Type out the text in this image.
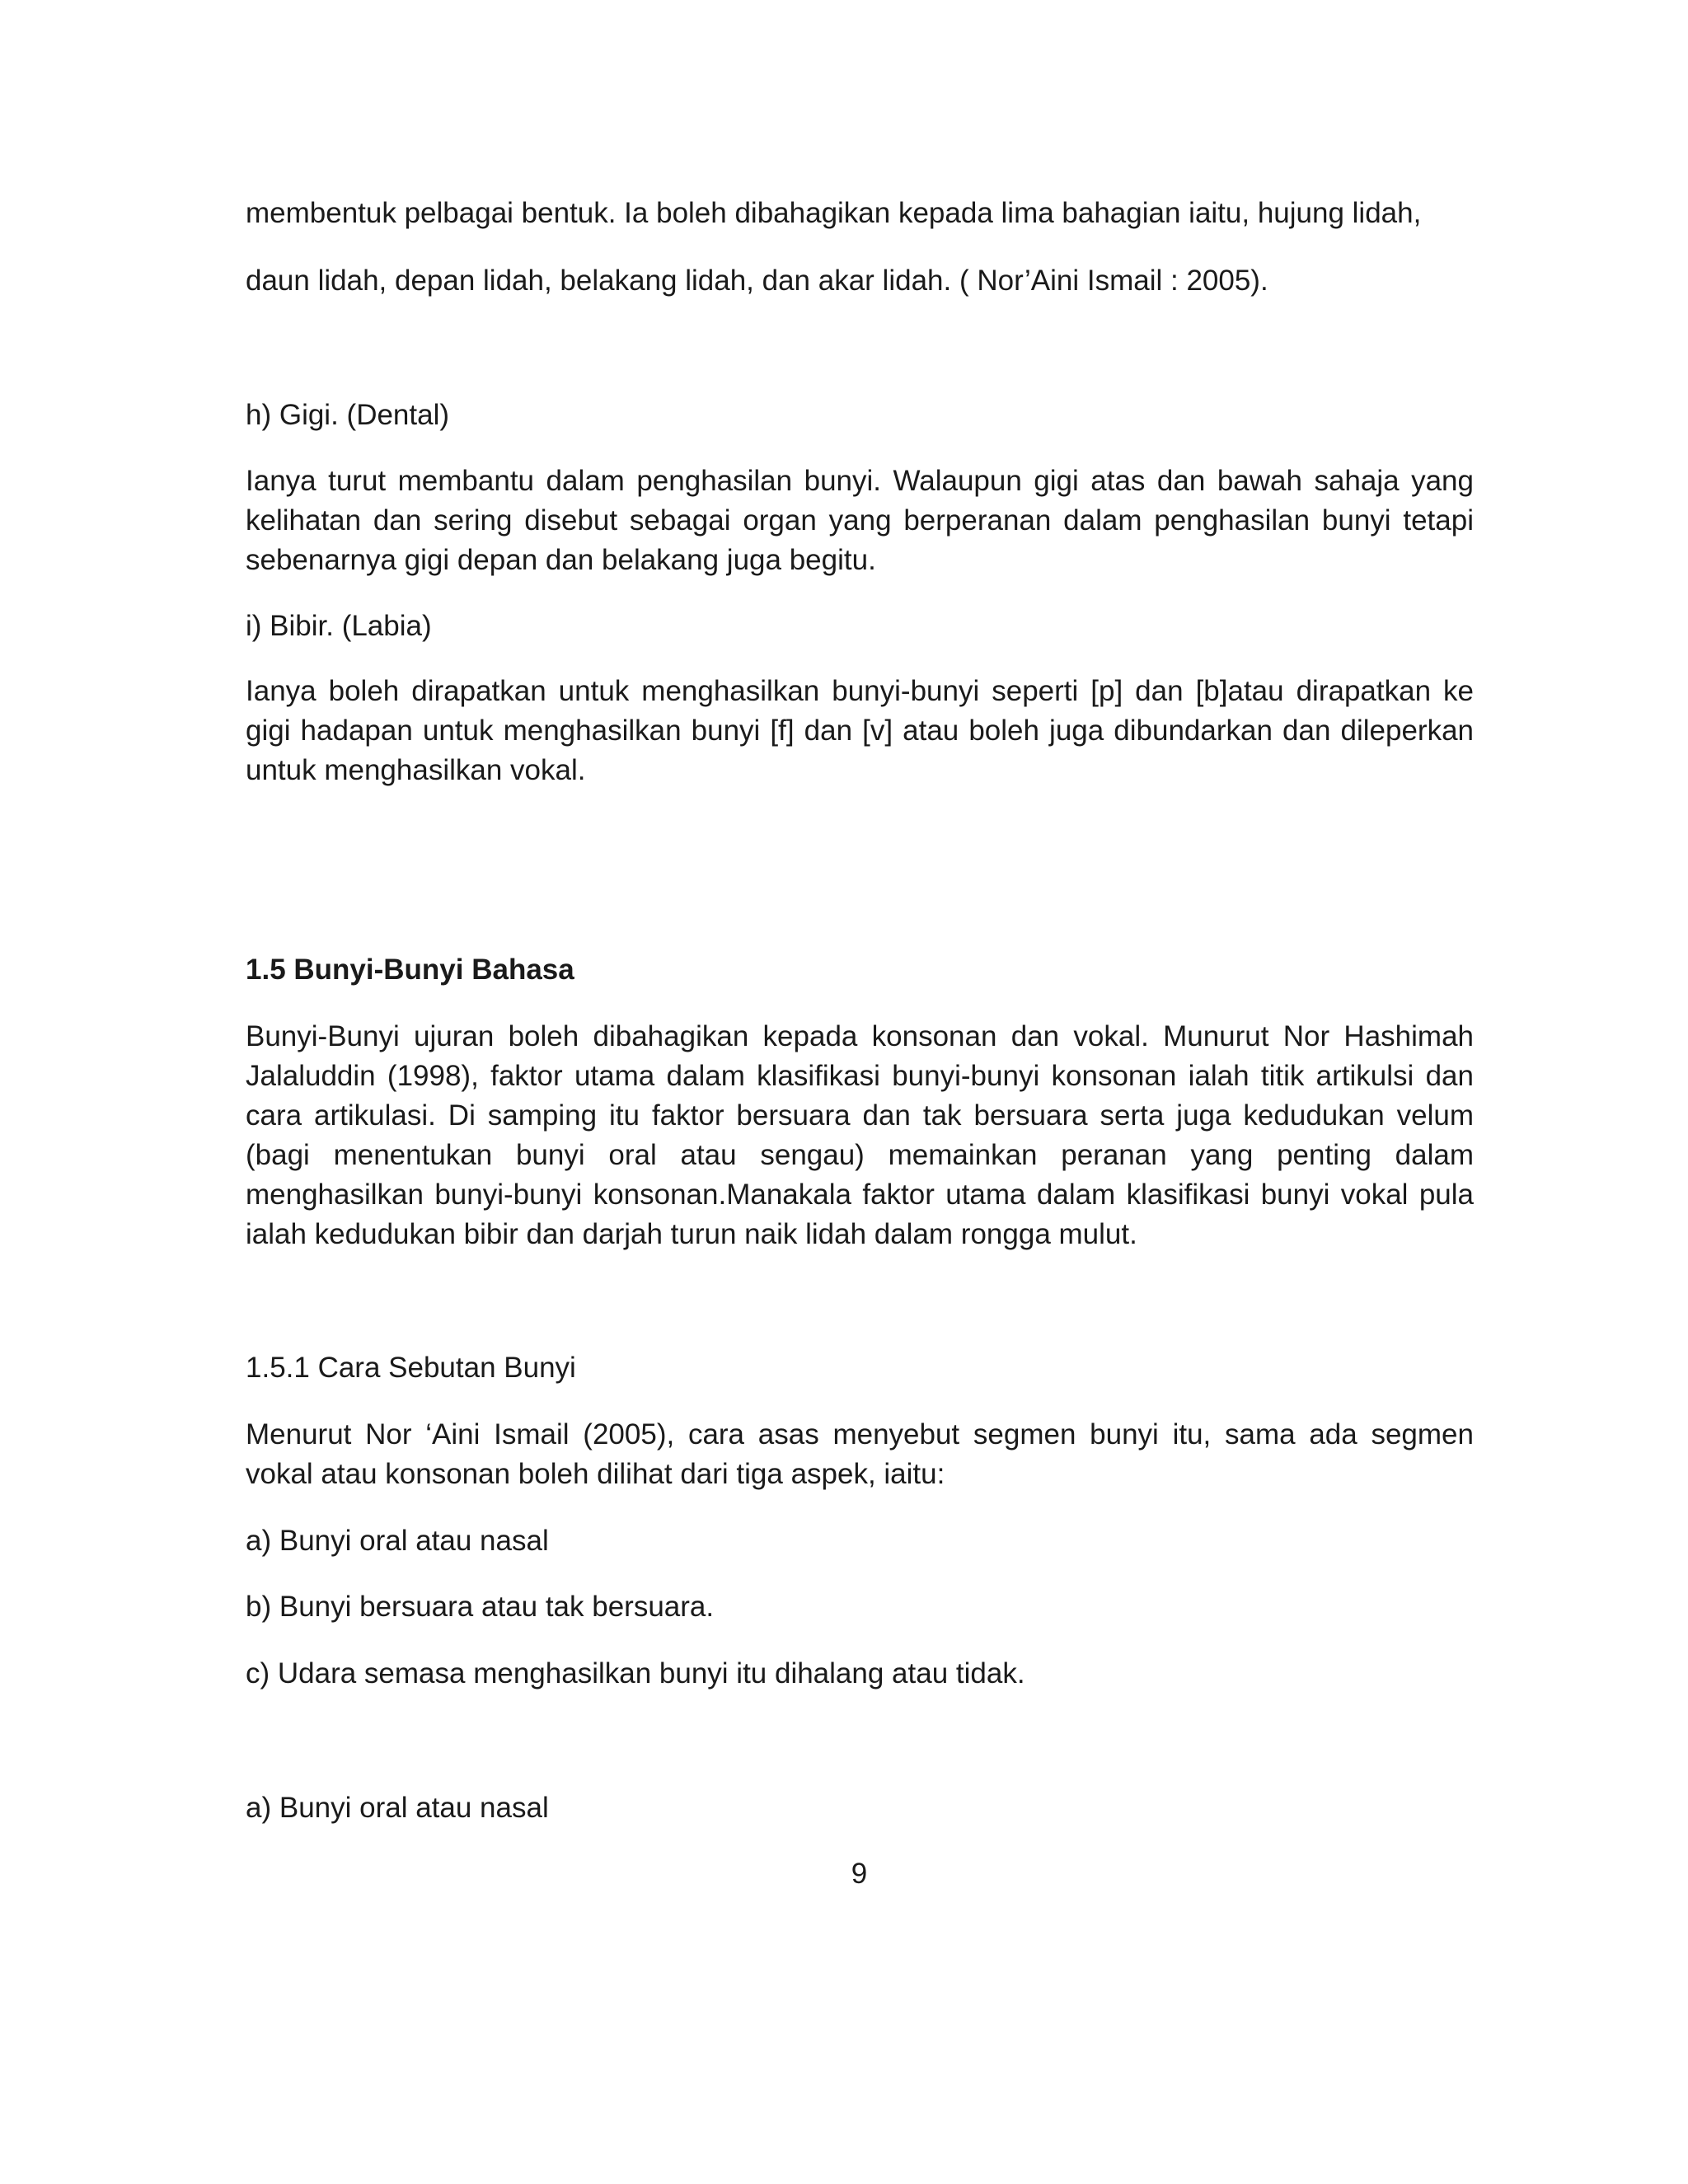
membentuk pelbagai bentuk. Ia boleh dibahagikan kepada lima bahagian iaitu, hujung lidah,
daun lidah, depan lidah, belakang lidah, dan akar lidah. ( Nor’Aini Ismail : 2005).
h) Gigi. (Dental)
Ianya turut membantu dalam penghasilan bunyi. Walaupun gigi atas dan bawah sahaja yang kelihatan dan sering disebut sebagai organ yang berperanan dalam penghasilan bunyi tetapi sebenarnya gigi depan dan belakang juga begitu.
i) Bibir. (Labia)
Ianya boleh dirapatkan untuk menghasilkan bunyi-bunyi seperti [p] dan [b]atau dirapatkan ke gigi hadapan untuk menghasilkan bunyi [f] dan [v] atau boleh juga dibundarkan dan dileperkan untuk menghasilkan vokal.
1.5 Bunyi-Bunyi Bahasa
Bunyi-Bunyi ujuran boleh dibahagikan kepada konsonan dan vokal. Munurut Nor Hashimah Jalaluddin (1998), faktor utama dalam klasifikasi bunyi-bunyi konsonan ialah titik artikulsi dan cara artikulasi. Di samping itu faktor bersuara dan tak bersuara serta juga kedudukan velum (bagi menentukan bunyi oral atau sengau) memainkan peranan yang penting dalam menghasilkan bunyi-bunyi konsonan.Manakala faktor utama dalam klasifikasi bunyi vokal pula ialah kedudukan bibir dan darjah turun naik lidah dalam rongga mulut.
1.5.1 Cara Sebutan Bunyi
Menurut Nor ‘Aini Ismail (2005), cara asas menyebut segmen bunyi itu, sama ada segmen vokal atau konsonan boleh dilihat dari tiga aspek, iaitu:
a) Bunyi oral atau nasal
b) Bunyi bersuara atau tak bersuara.
c) Udara semasa menghasilkan bunyi itu dihalang atau tidak.
a) Bunyi oral atau nasal
9
